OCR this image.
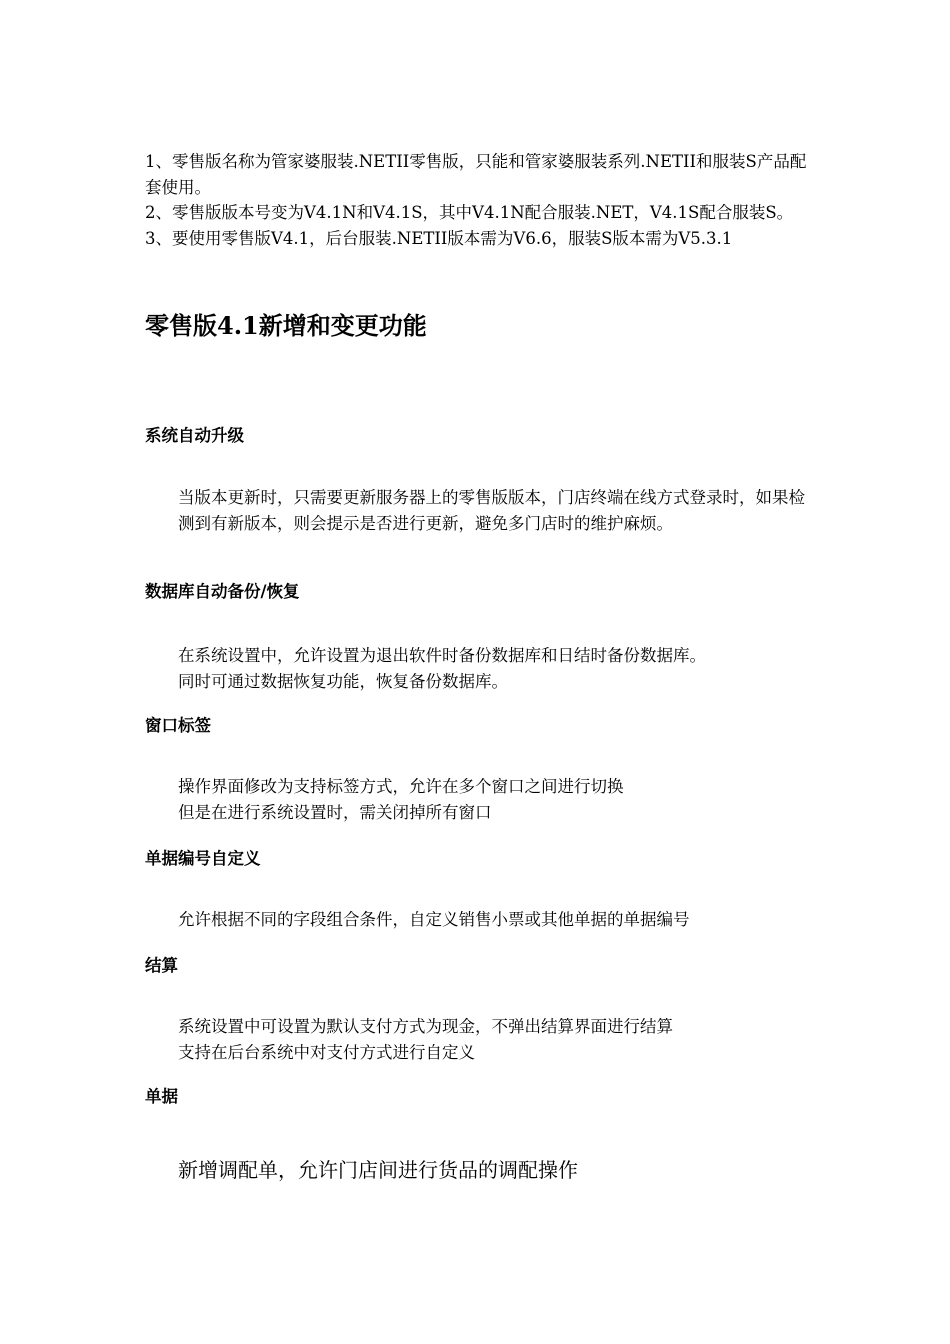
1、零售版名称为管家婆服装.NETII零售版，只能和管家婆服装系列.NETII和服装S产品配套使用。

2、零售版版本号变为V4.1N和V4.1S，其中V4.1N配合服装.NET，V4.1S配合服装S。

3、要使用零售版V4.1，后台服装.NETII版本需为V6.6，服装S版本需为V5.3.1

零售版4.1新增和变更功能
系统自动升级

当版本更新时，只需要更新服务器上的零售版版本，门店终端在线方式登录时，如果检测到有新版本，则会提示是否进行更新，避免多门店时的维护麻烦。

数据库自动备份/恢复

在系统设置中，允许设置为退出软件时备份数据库和日结时备份数据库。

同时可通过数据恢复功能，恢复备份数据库。

窗口标签

操作界面修改为支持标签方式，允许在多个窗口之间进行切换

但是在进行系统设置时，需关闭掉所有窗口

单据编号自定义

允许根据不同的字段组合条件，自定义销售小票或其他单据的单据编号

结算

系统设置中可设置为默认支付方式为现金，不弹出结算界面进行结算

支持在后台系统中对支付方式进行自定义

单据

新增调配单，允许门店间进行货品的调配操作
